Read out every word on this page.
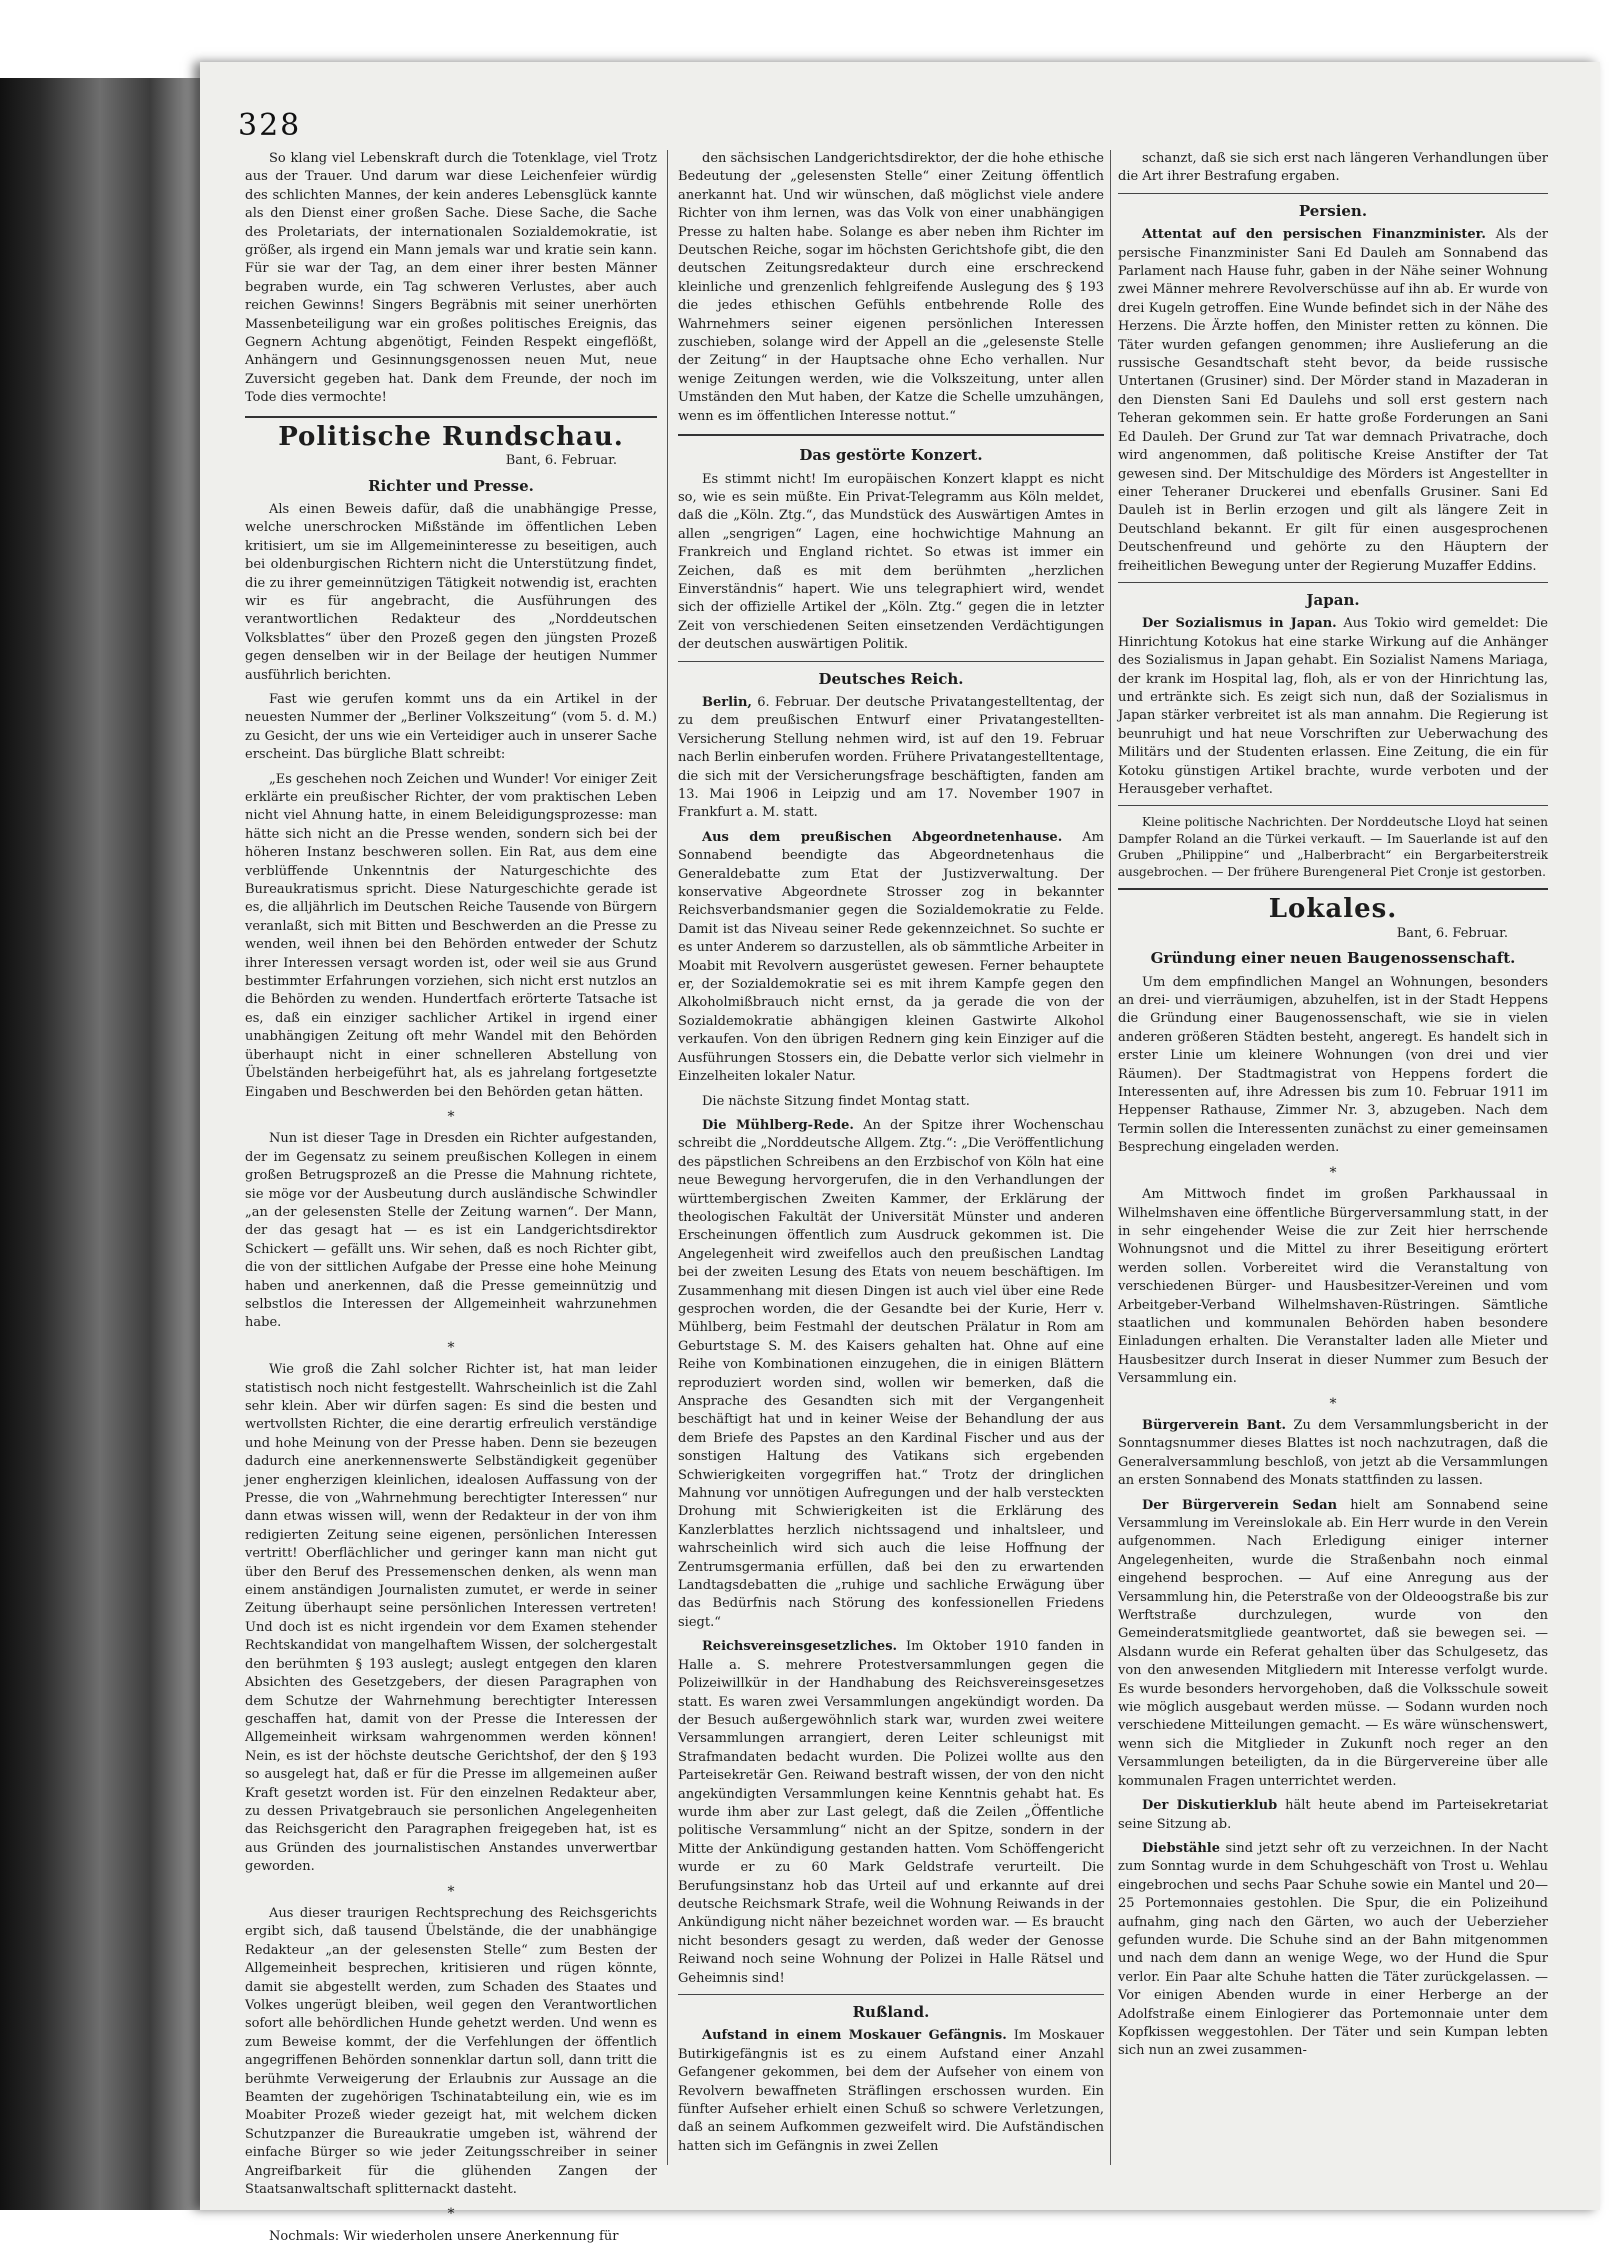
328

So klang viel Lebenskraft durch die Totenklage, viel Trotz aus der Trauer. Und darum war diese Leichenfeier würdig des schlichten Mannes, der kein anderes Lebensglück kannte als den Dienst einer großen Sache. Diese Sache, die Sache des Proletariats, der internationalen Sozialdemokratie, ist größer, als irgend ein Mann jemals war und kratie sein kann. Für sie war der Tag, an dem einer ihrer besten Männer begraben wurde, ein Tag schweren Verlustes, aber auch reichen Gewinns! Singers Begräbnis mit seiner unerhörten Massenbeteiligung war ein großes politisches Ereignis, das Gegnern Achtung abgenötigt, Feinden Respekt eingeflößt, Anhängern und Gesinnungsgenossen neuen Mut, neue Zuversicht gegeben hat. Dank dem Freunde, der noch im Tode dies vermochte!

Politische Rundschau.
Bant, 6. Februar.
Richter und Presse.

Als einen Beweis dafür, daß die unabhängige Presse, welche unerschrocken Mißstände im öffentlichen Leben kritisiert, um sie im Allgemeininteresse zu beseitigen, auch bei oldenburgischen Richtern nicht die Unterstützung findet, die zu ihrer gemeinnützigen Tätigkeit notwendig ist, erachten wir es für angebracht, die Ausführungen des verantwortlichen Redakteur des „Norddeutschen Volksblattes“ über den Prozeß gegen den jüngsten Prozeß gegen denselben wir in der Beilage der heutigen Nummer ausführlich berichten.

Fast wie gerufen kommt uns da ein Artikel in der neuesten Nummer der „Berliner Volkszeitung“ (vom 5. d. M.) zu Gesicht, der uns wie ein Verteidiger auch in unserer Sache erscheint. Das bürgliche Blatt schreibt:

„Es geschehen noch Zeichen und Wunder! Vor einiger Zeit erklärte ein preußischer Richter, der vom praktischen Leben nicht viel Ahnung hatte, in einem Beleidigungsprozesse: man hätte sich nicht an die Presse wenden, sondern sich bei der höheren Instanz beschweren sollen. Ein Rat, aus dem eine verblüffende Unkenntnis der Naturgeschichte des Bureaukratismus spricht. Diese Naturgeschichte gerade ist es, die alljährlich im Deutschen Reiche Tausende von Bürgern veranlaßt, sich mit Bitten und Beschwerden an die Presse zu wenden, weil ihnen bei den Behörden entweder der Schutz ihrer Interessen versagt worden ist, oder weil sie aus Grund bestimmter Erfahrungen vorziehen, sich nicht erst nutzlos an die Behörden zu wenden. Hundertfach erörterte Tatsache ist es, daß ein einziger sachlicher Artikel in irgend einer unabhängigen Zeitung oft mehr Wandel mit den Behörden überhaupt nicht in einer schnelleren Abstellung von Übelständen herbeigeführt hat, als es jahrelang fortgesetzte Eingaben und Beschwerden bei den Behörden getan hätten.

*

Nun ist dieser Tage in Dresden ein Richter aufgestanden, der im Gegensatz zu seinem preußischen Kollegen in einem großen Betrugsprozeß an die Presse die Mahnung richtete, sie möge vor der Ausbeutung durch ausländische Schwindler „an der gelesensten Stelle der Zeitung warnen“. Der Mann, der das gesagt hat — es ist ein Landgerichtsdirektor Schickert — gefällt uns. Wir sehen, daß es noch Richter gibt, die von der sittlichen Aufgabe der Presse eine hohe Meinung haben und anerkennen, daß die Presse gemeinnützig und selbstlos die Interessen der Allgemeinheit wahrzunehmen habe.

*

Wie groß die Zahl solcher Richter ist, hat man leider statistisch noch nicht festgestellt. Wahrscheinlich ist die Zahl sehr klein. Aber wir dürfen sagen: Es sind die besten und wertvollsten Richter, die eine derartig erfreulich verständige und hohe Meinung von der Presse haben. Denn sie bezeugen dadurch eine anerkennenswerte Selbständigkeit gegenüber jener engherzigen kleinlichen, idealosen Auffassung von der Presse, die von „Wahrnehmung berechtigter Interessen“ nur dann etwas wissen will, wenn der Redakteur in der von ihm redigierten Zeitung seine eigenen, persönlichen Interessen vertritt! Oberflächlicher und geringer kann man nicht gut über den Beruf des Pressemenschen denken, als wenn man einem anständigen Journalisten zumutet, er werde in seiner Zeitung überhaupt seine persönlichen Interessen vertreten! Und doch ist es nicht irgendein vor dem Examen stehender Rechtskandidat von mangelhaftem Wissen, der solchergestalt den berühmten § 193 auslegt; auslegt entgegen den klaren Absichten des Gesetzgebers, der diesen Paragraphen von dem Schutze der Wahrnehmung berechtigter Interessen geschaffen hat, damit von der Presse die Interessen der Allgemeinheit wirksam wahrgenommen werden können! Nein, es ist der höchste deutsche Gerichtshof, der den § 193 so ausgelegt hat, daß er für die Presse im allgemeinen außer Kraft gesetzt worden ist. Für den einzelnen Redakteur aber, zu dessen Privatgebrauch sie personlichen Angelegenheiten das Reichsgericht den Paragraphen freigegeben hat, ist es aus Gründen des journalistischen Anstandes unverwertbar geworden.

*

Aus dieser traurigen Rechtsprechung des Reichsgerichts ergibt sich, daß tausend Übelstände, die der unabhängige Redakteur „an der gelesensten Stelle“ zum Besten der Allgemeinheit besprechen, kritisieren und rügen könnte, damit sie abgestellt werden, zum Schaden des Staates und Volkes ungerügt bleiben, weil gegen den Verantwortlichen sofort alle behördlichen Hunde gehetzt werden. Und wenn es zum Beweise kommt, der die Verfehlungen der öffentlich angegriffenen Behörden sonnenklar dartun soll, dann tritt die berühmte Verweigerung der Erlaubnis zur Aussage an die Beamten der zugehörigen Tschinatabteilung ein, wie es im Moabiter Prozeß wieder gezeigt hat, mit welchem dicken Schutzpanzer die Bureaukratie umgeben ist, während der einfache Bürger so wie jeder Zeitungsschreiber in seiner Angreifbarkeit für die glühenden Zangen der Staatsanwaltschaft splitternackt dasteht.

*

Nochmals: Wir wiederholen unsere Anerkennung für

den sächsischen Landgerichtsdirektor, der die hohe ethische Bedeutung der „gelesensten Stelle“ einer Zeitung öffentlich anerkannt hat. Und wir wünschen, daß möglichst viele andere Richter von ihm lernen, was das Volk von einer unabhängigen Presse zu halten habe. Solange es aber neben ihm Richter im Deutschen Reiche, sogar im höchsten Gerichtshofe gibt, die den deutschen Zeitungsredakteur durch eine erschreckend kleinliche und grenzenlich fehlgreifende Auslegung des § 193 die jedes ethischen Gefühls entbehrende Rolle des Wahrnehmers seiner eigenen persönlichen Interessen zuschieben, solange wird der Appell an die „gelesenste Stelle der Zeitung“ in der Hauptsache ohne Echo verhallen. Nur wenige Zeitungen werden, wie die Volkszeitung, unter allen Umständen den Mut haben, der Katze die Schelle umzuhängen, wenn es im öffentlichen Interesse nottut.“

Das gestörte Konzert.

Es stimmt nicht! Im europäischen Konzert klappt es nicht so, wie es sein müßte. Ein Privat-Telegramm aus Köln meldet, daß die „Köln. Ztg.“, das Mundstück des Auswärtigen Amtes in allen „sengrigen“ Lagen, eine hochwichtige Mahnung an Frankreich und England richtet. So etwas ist immer ein Zeichen, daß es mit dem berühmten „herzlichen Einverständnis“ hapert. Wie uns telegraphiert wird, wendet sich der offizielle Artikel der „Köln. Ztg.“ gegen die in letzter Zeit von verschiedenen Seiten einsetzenden Verdächtigungen der deutschen auswärtigen Politik.

Deutsches Reich.

Berlin, 6. Februar. Der deutsche Privatangestelltentag, der zu dem preußischen Entwurf einer Privatangestellten-Versicherung Stellung nehmen wird, ist auf den 19. Februar nach Berlin einberufen worden. Frühere Privatangestelltentage, die sich mit der Versicherungsfrage beschäftigten, fanden am 13. Mai 1906 in Leipzig und am 17. November 1907 in Frankfurt a. M. statt.

Aus dem preußischen Abgeordnetenhause. Am Sonnabend beendigte das Abgeordnetenhaus die Generaldebatte zum Etat der Justizverwaltung. Der konservative Abgeordnete Strosser zog in bekannter Reichsverbandsmanier gegen die Sozialdemokratie zu Felde. Damit ist das Niveau seiner Rede gekennzeichnet. So suchte er es unter Anderem so darzustellen, als ob sämmtliche Arbeiter in Moabit mit Revolvern ausgerüstet gewesen. Ferner behauptete er, der Sozialdemokratie sei es mit ihrem Kampfe gegen den Alkoholmißbrauch nicht ernst, da ja gerade die von der Sozialdemokratie abhängigen kleinen Gastwirte Alkohol verkaufen. Von den übrigen Rednern ging kein Einziger auf die Ausführungen Stossers ein, die Debatte verlor sich vielmehr in Einzelheiten lokaler Natur.

Die nächste Sitzung findet Montag statt.

Die Mühlberg-Rede. An der Spitze ihrer Wochenschau schreibt die „Norddeutsche Allgem. Ztg.“: „Die Veröffentlichung des päpstlichen Schreibens an den Erzbischof von Köln hat eine neue Bewegung hervorgerufen, die in den Verhandlungen der württembergischen Zweiten Kammer, der Erklärung der theologischen Fakultät der Universität Münster und anderen Erscheinungen öffentlich zum Ausdruck gekommen ist. Die Angelegenheit wird zweifellos auch den preußischen Landtag bei der zweiten Lesung des Etats von neuem beschäftigen. Im Zusammenhang mit diesen Dingen ist auch viel über eine Rede gesprochen worden, die der Gesandte bei der Kurie, Herr v. Mühlberg, beim Festmahl der deutschen Prälatur in Rom am Geburtstage S. M. des Kaisers gehalten hat. Ohne auf eine Reihe von Kombinationen einzugehen, die in einigen Blättern reproduziert worden sind, wollen wir bemerken, daß die Ansprache des Gesandten sich mit der Vergangenheit beschäftigt hat und in keiner Weise der Behandlung der aus dem Briefe des Papstes an den Kardinal Fischer und aus der sonstigen Haltung des Vatikans sich ergebenden Schwierigkeiten vorgegriffen hat.“ Trotz der dringlichen Mahnung vor unnötigen Aufregungen und der halb versteckten Drohung mit Schwierigkeiten ist die Erklärung des Kanzlerblattes herzlich nichtssagend und inhaltsleer, und wahrscheinlich wird sich auch die leise Hoffnung der Zentrumsgermania erfüllen, daß bei den zu erwartenden Landtagsdebatten die „ruhige und sachliche Erwägung über das Bedürfnis nach Störung des konfessionellen Friedens siegt.“

Reichsvereinsgesetzliches. Im Oktober 1910 fanden in Halle a. S. mehrere Protestversammlungen gegen die Polizeiwillkür in der Handhabung des Reichsvereinsgesetzes statt. Es waren zwei Versammlungen angekündigt worden. Da der Besuch außergewöhnlich stark war, wurden zwei weitere Versammlungen arrangiert, deren Leiter schleunigst mit Strafmandaten bedacht wurden. Die Polizei wollte aus den Parteisekretär Gen. Reiwand bestraft wissen, der von den nicht angekündigten Versammlungen keine Kenntnis gehabt hat. Es wurde ihm aber zur Last gelegt, daß die Zeilen „Öffentliche politische Versammlung“ nicht an der Spitze, sondern in der Mitte der Ankündigung gestanden hatten. Vom Schöffengericht wurde er zu 60 Mark Geldstrafe verurteilt. Die Berufungsinstanz hob das Urteil auf und erkannte auf drei deutsche Reichsmark Strafe, weil die Wohnung Reiwands in der Ankündigung nicht näher bezeichnet worden war. — Es braucht nicht besonders gesagt zu werden, daß weder der Genosse Reiwand noch seine Wohnung der Polizei in Halle Rätsel und Geheimnis sind!

Rußland.

Aufstand in einem Moskauer Gefängnis. Im Moskauer Butirkigefängnis ist es zu einem Aufstand einer Anzahl Gefangener gekommen, bei dem der Aufseher von einem von Revolvern bewaffneten Sträflingen erschossen wurden. Ein fünfter Aufseher erhielt einen Schuß so schwere Verletzungen, daß an seinem Aufkommen gezweifelt wird. Die Aufständischen hatten sich im Gefängnis in zwei Zellen

schanzt, daß sie sich erst nach längeren Verhandlungen über die Art ihrer Bestrafung ergaben.

Persien.

Attentat auf den persischen Finanzminister. Als der persische Finanzminister Sani Ed Dauleh am Sonnabend das Parlament nach Hause fuhr, gaben in der Nähe seiner Wohnung zwei Männer mehrere Revolverschüsse auf ihn ab. Er wurde von drei Kugeln getroffen. Eine Wunde befindet sich in der Nähe des Herzens. Die Ärzte hoffen, den Minister retten zu können. Die Täter wurden gefangen genommen; ihre Auslieferung an die russische Gesandtschaft steht bevor, da beide russische Untertanen (Grusiner) sind. Der Mörder stand in Mazaderan in den Diensten Sani Ed Daulehs und soll erst gestern nach Teheran gekommen sein. Er hatte große Forderungen an Sani Ed Dauleh. Der Grund zur Tat war demnach Privatrache, doch wird angenommen, daß politische Kreise Anstifter der Tat gewesen sind. Der Mitschuldige des Mörders ist Angestellter in einer Teheraner Druckerei und ebenfalls Grusiner. Sani Ed Dauleh ist in Berlin erzogen und gilt als längere Zeit in Deutschland bekannt. Er gilt für einen ausgesprochenen Deutschenfreund und gehörte zu den Häuptern der freiheitlichen Bewegung unter der Regierung Muzaffer Eddins.

Japan.

Der Sozialismus in Japan. Aus Tokio wird gemeldet: Die Hinrichtung Kotokus hat eine starke Wirkung auf die Anhänger des Sozialismus in Japan gehabt. Ein Sozialist Namens Mariaga, der krank im Hospital lag, floh, als er von der Hinrichtung las, und ertränkte sich. Es zeigt sich nun, daß der Sozialismus in Japan stärker verbreitet ist als man annahm. Die Regierung ist beunruhigt und hat neue Vorschriften zur Ueberwachung des Militärs und der Studenten erlassen. Eine Zeitung, die ein für Kotoku günstigen Artikel brachte, wurde verboten und der Herausgeber verhaftet.

Kleine politische Nachrichten. Der Norddeutsche Lloyd hat seinen Dampfer Roland an die Türkei verkauft. — Im Sauerlande ist auf den Gruben „Philippine“ und „Halberbracht“ ein Bergarbeiterstreik ausgebrochen. — Der frühere Burengeneral Piet Cronje ist gestorben.

Lokales.
Bant, 6. Februar.
Gründung einer neuen Baugenossenschaft.

Um dem empfindlichen Mangel an Wohnungen, besonders an drei- und vierräumigen, abzuhelfen, ist in der Stadt Heppens die Gründung einer Baugenossenschaft, wie sie in vielen anderen größeren Städten besteht, angeregt. Es handelt sich in erster Linie um kleinere Wohnungen (von drei und vier Räumen). Der Stadtmagistrat von Heppens fordert die Interessenten auf, ihre Adressen bis zum 10. Februar 1911 im Heppenser Rathause, Zimmer Nr. 3, abzugeben. Nach dem Termin sollen die Interessenten zunächst zu einer gemeinsamen Besprechung eingeladen werden.

*

Am Mittwoch findet im großen Parkhaussaal in Wilhelmshaven eine öffentliche Bürgerversammlung statt, in der in sehr eingehender Weise die zur Zeit hier herrschende Wohnungsnot und die Mittel zu ihrer Beseitigung erörtert werden sollen. Vorbereitet wird die Veranstaltung von verschiedenen Bürger- und Hausbesitzer-Vereinen und vom Arbeitgeber-Verband Wilhelmshaven-Rüstringen. Sämtliche staatlichen und kommunalen Behörden haben besondere Einladungen erhalten. Die Veranstalter laden alle Mieter und Hausbesitzer durch Inserat in dieser Nummer zum Besuch der Versammlung ein.

*

Bürgerverein Bant. Zu dem Versammlungsbericht in der Sonntagsnummer dieses Blattes ist noch nachzutragen, daß die Generalversammlung beschloß, von jetzt ab die Versammlungen an ersten Sonnabend des Monats stattfinden zu lassen.

Der Bürgerverein Sedan hielt am Sonnabend seine Versammlung im Vereinslokale ab. Ein Herr wurde in den Verein aufgenommen. Nach Erledigung einiger interner Angelegenheiten, wurde die Straßenbahn noch einmal eingehend besprochen. — Auf eine Anregung aus der Versammlung hin, die Peterstraße von der Oldeoogstraße bis zur Werftstraße durchzulegen, wurde von den Gemeinderatsmitgliede geantwortet, daß sie bewegen sei. — Alsdann wurde ein Referat gehalten über das Schulgesetz, das von den anwesenden Mitgliedern mit Interesse verfolgt wurde. Es wurde besonders hervorgehoben, daß die Volksschule soweit wie möglich ausgebaut werden müsse. — Sodann wurden noch verschiedene Mitteilungen gemacht. — Es wäre wünschenswert, wenn sich die Mitglieder in Zukunft noch reger an den Versammlungen beteiligten, da in die Bürgervereine über alle kommunalen Fragen unterrichtet werden.

Der Diskutierklub hält heute abend im Parteisekretariat seine Sitzung ab.

Diebstähle sind jetzt sehr oft zu verzeichnen. In der Nacht zum Sonntag wurde in dem Schuhgeschäft von Trost u. Wehlau eingebrochen und sechs Paar Schuhe sowie ein Mantel und 20—25 Portemonnaies gestohlen. Die Spur, die ein Polizeihund aufnahm, ging nach den Gärten, wo auch der Ueberzieher gefunden wurde. Die Schuhe sind an der Bahn mitgenommen und nach dem dann an wenige Wege, wo der Hund die Spur verlor. Ein Paar alte Schuhe hatten die Täter zurückgelassen. — Vor einigen Abenden wurde in einer Herberge an der Adolfstraße einem Einlogierer das Portemonnaie unter dem Kopfkissen weggestohlen. Der Täter und sein Kumpan lebten sich nun an zwei zusammen-
